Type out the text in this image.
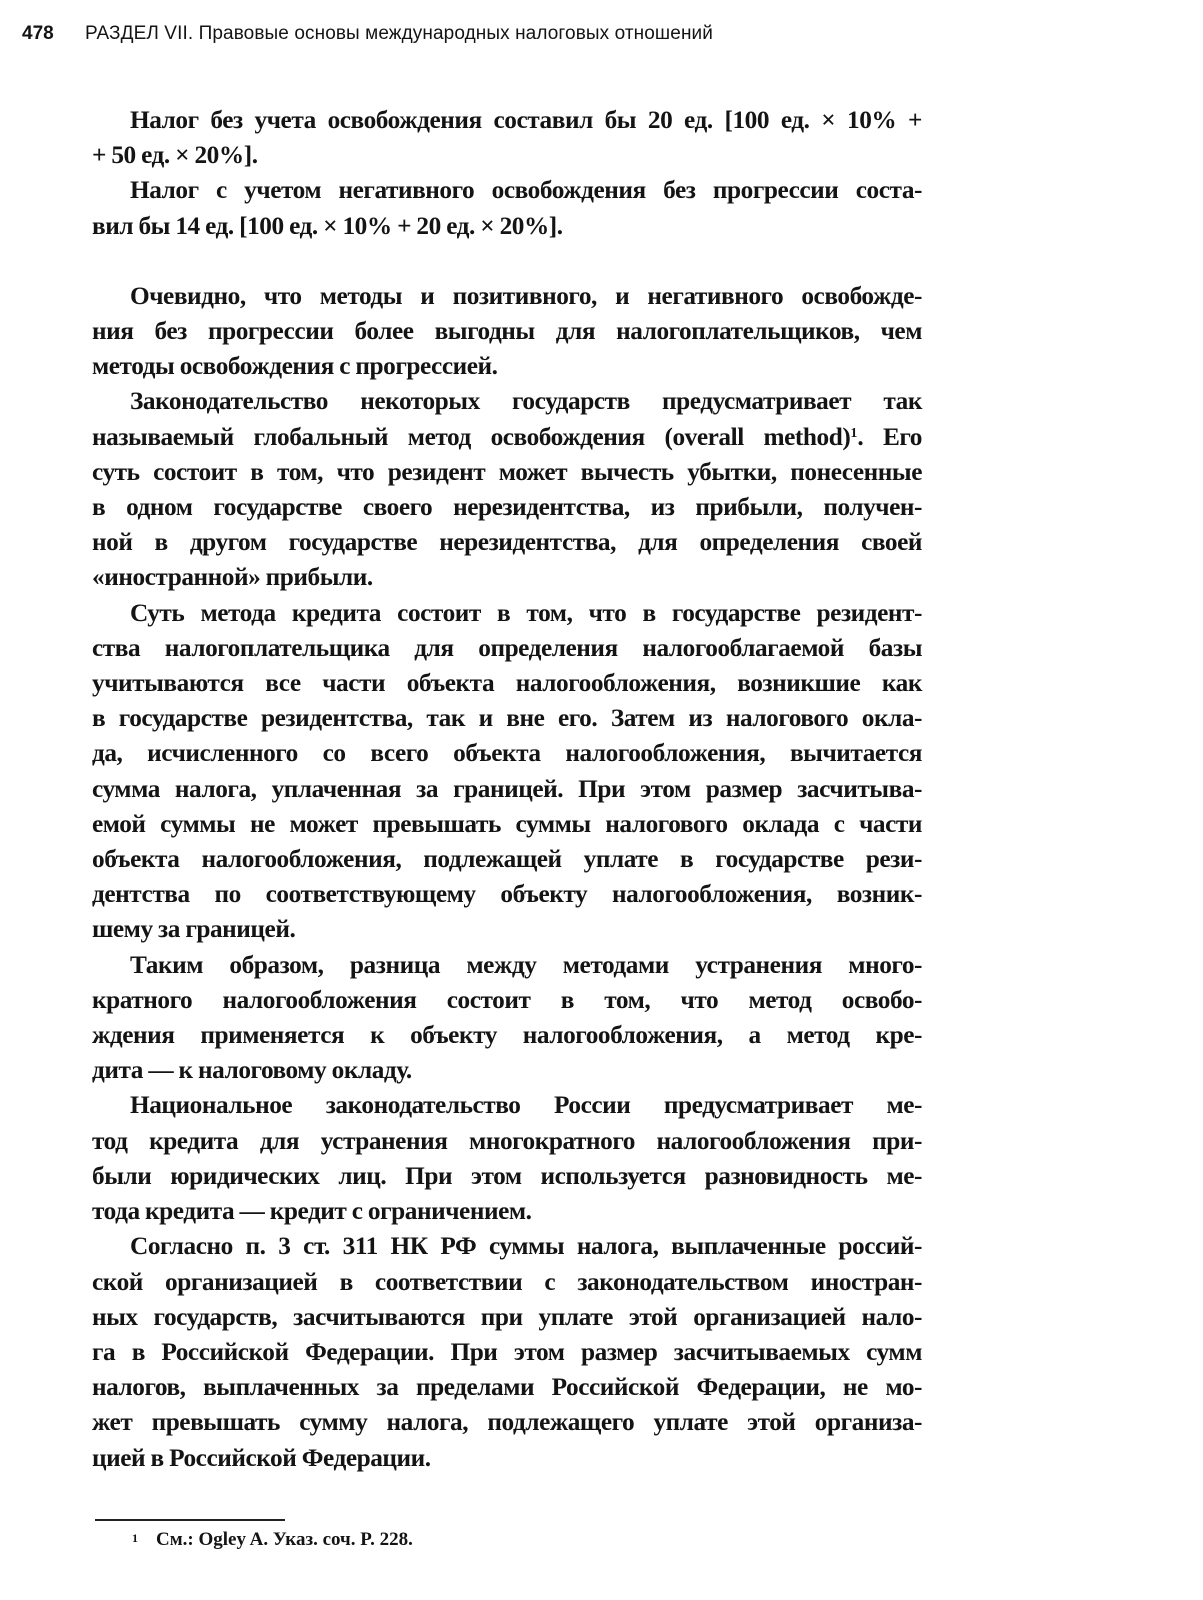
478 РАЗДЕЛ VII. Правовые основы международных налоговых отношений
Налог без учета освобождения составил бы 20 ед. [100 ед. × 10% +
+ 50 ед. × 20%].
Налог с учетом негативного освобождения без прогрессии соста-
вил бы 14 ед. [100 ед. × 10% + 20 ед. × 20%].
Очевидно, что методы и позитивного, и негативного освобожде-
ния без прогрессии более выгодны для налогоплательщиков, чем
методы освобождения с прогрессией.
Законодательство некоторых государств предусматривает так
называемый глобальный метод освобождения (overall method)$^1$. Его
суть состоит в том, что резидент может вычесть убытки, понесенные
в одном государстве своего нерезидентства, из прибыли, получен-
ной в другом государстве нерезидентства, для определения своей
«иностранной» прибыли.
Суть метода кредита состоит в том, что в государстве резидент-
ства налогоплательщика для определения налогооблагаемой базы
учитываются все части объекта налогообложения, возникшие как
в государстве резидентства, так и вне его. Затем из налогового окла-
да, исчисленного со всего объекта налогообложения, вычитается
сумма налога, уплаченная за границей. При этом размер засчитыва-
емой суммы не может превышать суммы налогового оклада с части
объекта налогообложения, подлежащей уплате в государстве рези-
дентства по соответствующему объекту налогообложения, возник-
шему за границей.
Таким образом, разница между методами устранения много-
кратного налогообложения состоит в том, что метод освобо-
ждения применяется к объекту налогообложения, а метод кре-
дита — к налоговому окладу.
Национальное законодательство России предусматривает ме-
тод кредита для устранения многократного налогообложения при-
были юридических лиц. При этом используется разновидность ме-
тода кредита — кредит с ограничением.
Согласно п. 3 ст. 311 НК РФ суммы налога, выплаченные россий-
ской организацией в соответствии с законодательством иностран-
ных государств, засчитываются при уплате этой организацией нало-
га в Российской Федерации. При этом размер засчитываемых сумм
налогов, выплаченных за пределами Российской Федерации, не мо-
жет превышать сумму налога, подлежащего уплате этой организа-
цией в Российской Федерации.
$^1$ См.: Ogley A. Указ. соч. P. 228.
